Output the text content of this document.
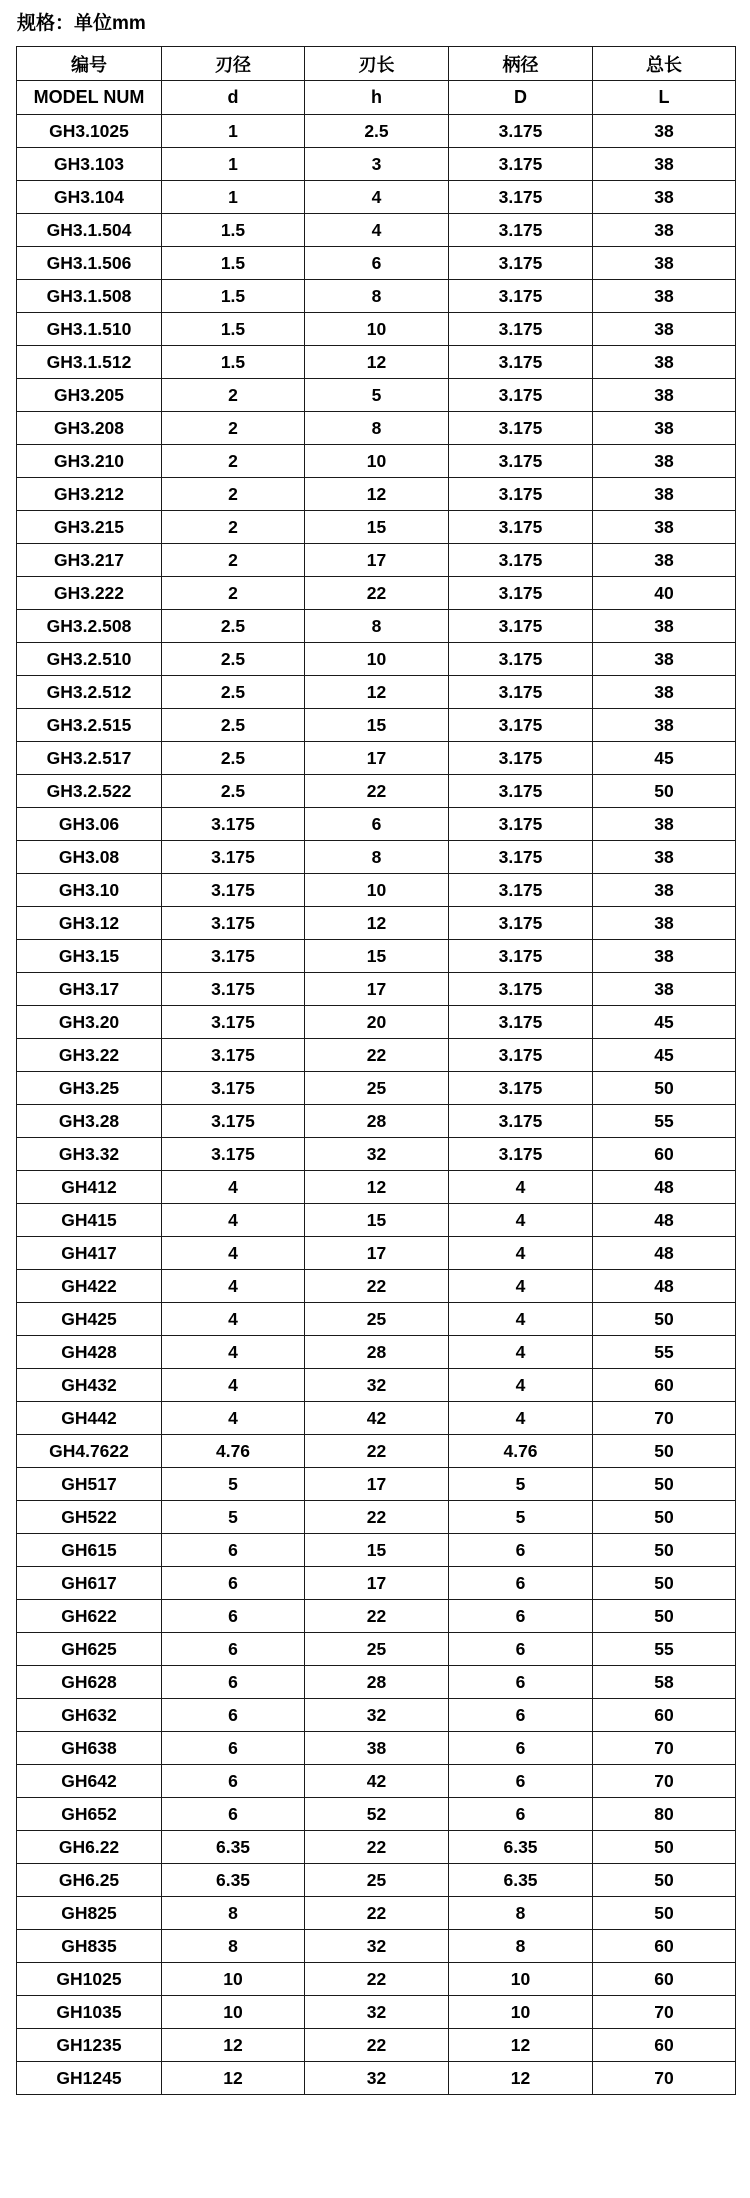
规格：单位mm
编号	刃径	刃长	柄径	总长
MODEL NUM	d	h	D	L
GH3.1025	1	2.5	3.175	38
GH3.103	1	3	3.175	38
GH3.104	1	4	3.175	38
GH3.1.504	1.5	4	3.175	38
GH3.1.506	1.5	6	3.175	38
GH3.1.508	1.5	8	3.175	38
GH3.1.510	1.5	10	3.175	38
GH3.1.512	1.5	12	3.175	38
GH3.205	2	5	3.175	38
GH3.208	2	8	3.175	38
GH3.210	2	10	3.175	38
GH3.212	2	12	3.175	38
GH3.215	2	15	3.175	38
GH3.217	2	17	3.175	38
GH3.222	2	22	3.175	40
GH3.2.508	2.5	8	3.175	38
GH3.2.510	2.5	10	3.175	38
GH3.2.512	2.5	12	3.175	38
GH3.2.515	2.5	15	3.175	38
GH3.2.517	2.5	17	3.175	45
GH3.2.522	2.5	22	3.175	50
GH3.06	3.175	6	3.175	38
GH3.08	3.175	8	3.175	38
GH3.10	3.175	10	3.175	38
GH3.12	3.175	12	3.175	38
GH3.15	3.175	15	3.175	38
GH3.17	3.175	17	3.175	38
GH3.20	3.175	20	3.175	45
GH3.22	3.175	22	3.175	45
GH3.25	3.175	25	3.175	50
GH3.28	3.175	28	3.175	55
GH3.32	3.175	32	3.175	60
GH412	4	12	4	48
GH415	4	15	4	48
GH417	4	17	4	48
GH422	4	22	4	48
GH425	4	25	4	50
GH428	4	28	4	55
GH432	4	32	4	60
GH442	4	42	4	70
GH4.7622	4.76	22	4.76	50
GH517	5	17	5	50
GH522	5	22	5	50
GH615	6	15	6	50
GH617	6	17	6	50
GH622	6	22	6	50
GH625	6	25	6	55
GH628	6	28	6	58
GH632	6	32	6	60
GH638	6	38	6	70
GH642	6	42	6	70
GH652	6	52	6	80
GH6.22	6.35	22	6.35	50
GH6.25	6.35	25	6.35	50
GH825	8	22	8	50
GH835	8	32	8	60
GH1025	10	22	10	60
GH1035	10	32	10	70
GH1235	12	22	12	60
GH1245	12	32	12	70
